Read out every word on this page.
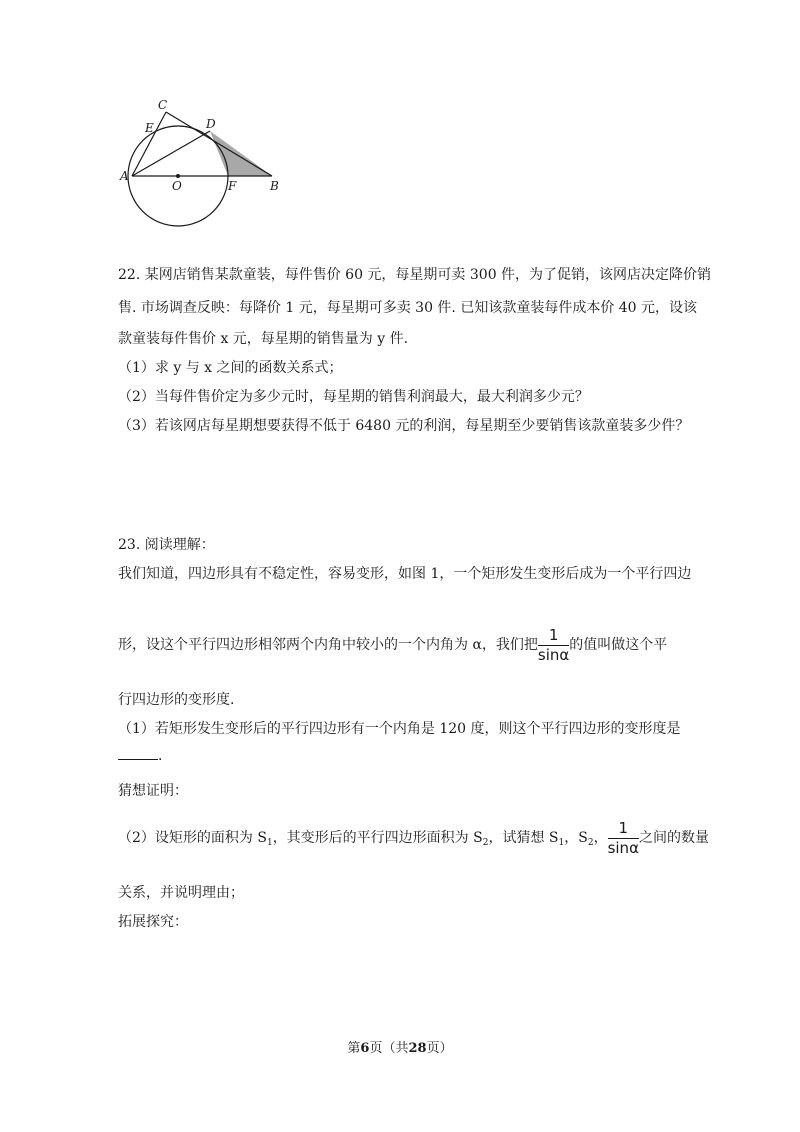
C
E	D
A
O	F	B
22. 某网店销售某款童装，每件售价 60 元，每星期可卖 300 件，为了促销，该网店决定降价销
售. 市场调查反映：每降价 1 元，每星期可多卖 30 件. 已知该款童装每件成本价 40 元，设该
款童装每件售价 x 元，每星期的销售量为 y 件.
（1）求 y 与 x 之间的函数关系式；
（2）当每件售价定为多少元时，每星期的销售利润最大，最大利润多少元？
（3）若该网店每星期想要获得不低于 6480 元的利润，每星期至少要销售该款童装多少件？
23. 阅读理解：
我们知道，四边形具有不稳定性，容易变形，如图 1，一个矩形发生变形后成为一个平行四边
形，设这个平行四边形相邻两个内角中较小的一个内角为 α，我们把 $\frac{1}{\sin\alpha}$ 的值叫做这个平
行四边形的变形度.
（1）若矩形发生变形后的平行四边形有一个内角是 120 度，则这个平行四边形的变形度是
.
猜想证明：
（2）设矩形的面积为 $S_1$，其变形后的平行四边形面积为 $S_2$，试猜想 $S_1$，$S_2$， $\frac{1}{\sin\alpha}$ 之间的数量
关系，并说明理由；
拓展探究：
第6页（共28页）
